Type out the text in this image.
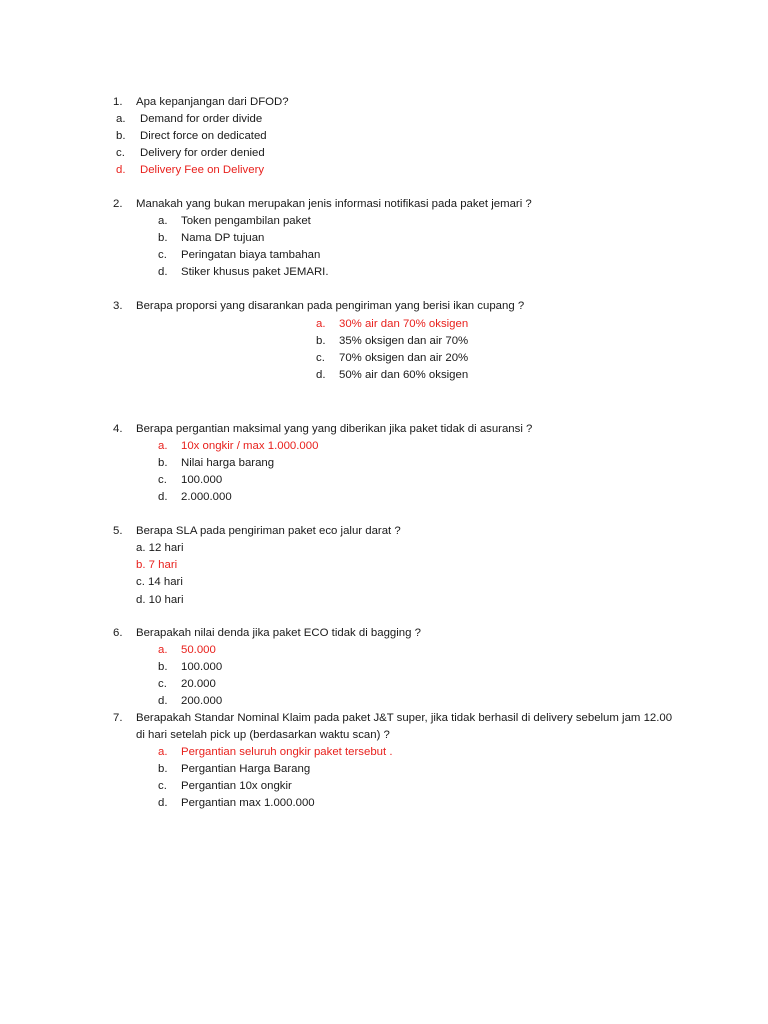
1. Apa kepanjangan dari DFOD?
a. Demand for order divide
b. Direct force on dedicated
c. Delivery for order denied
d. Delivery Fee on Delivery
2. Manakah yang bukan merupakan jenis informasi notifikasi pada paket jemari ?
a. Token pengambilan paket
b. Nama DP tujuan
c. Peringatan biaya tambahan
d. Stiker khusus paket JEMARI.
3. Berapa proporsi yang disarankan pada pengiriman yang berisi ikan cupang ?
a. 30% air dan 70% oksigen
b. 35% oksigen dan air 70%
c. 70% oksigen dan air 20%
d. 50% air dan 60% oksigen
4. Berapa pergantian maksimal yang yang diberikan jika paket tidak di asuransi ?
a. 10x ongkir / max 1.000.000
b. Nilai harga barang
c. 100.000
d. 2.000.000
5. Berapa SLA pada pengiriman paket eco jalur darat ?
a. 12 hari
b. 7 hari
c. 14 hari
d. 10 hari
6. Berapakah nilai denda jika paket ECO tidak di bagging ?
a. 50.000
b. 100.000
c. 20.000
d. 200.000
7. Berapakah Standar Nominal Klaim pada paket J&T super, jika tidak berhasil di delivery sebelum jam 12.00
di hari setelah pick up (berdasarkan waktu scan) ?
a. Pergantian seluruh ongkir paket tersebut .
b. Pergantian Harga Barang
c. Pergantian 10x ongkir
d. Pergantian max 1.000.000
